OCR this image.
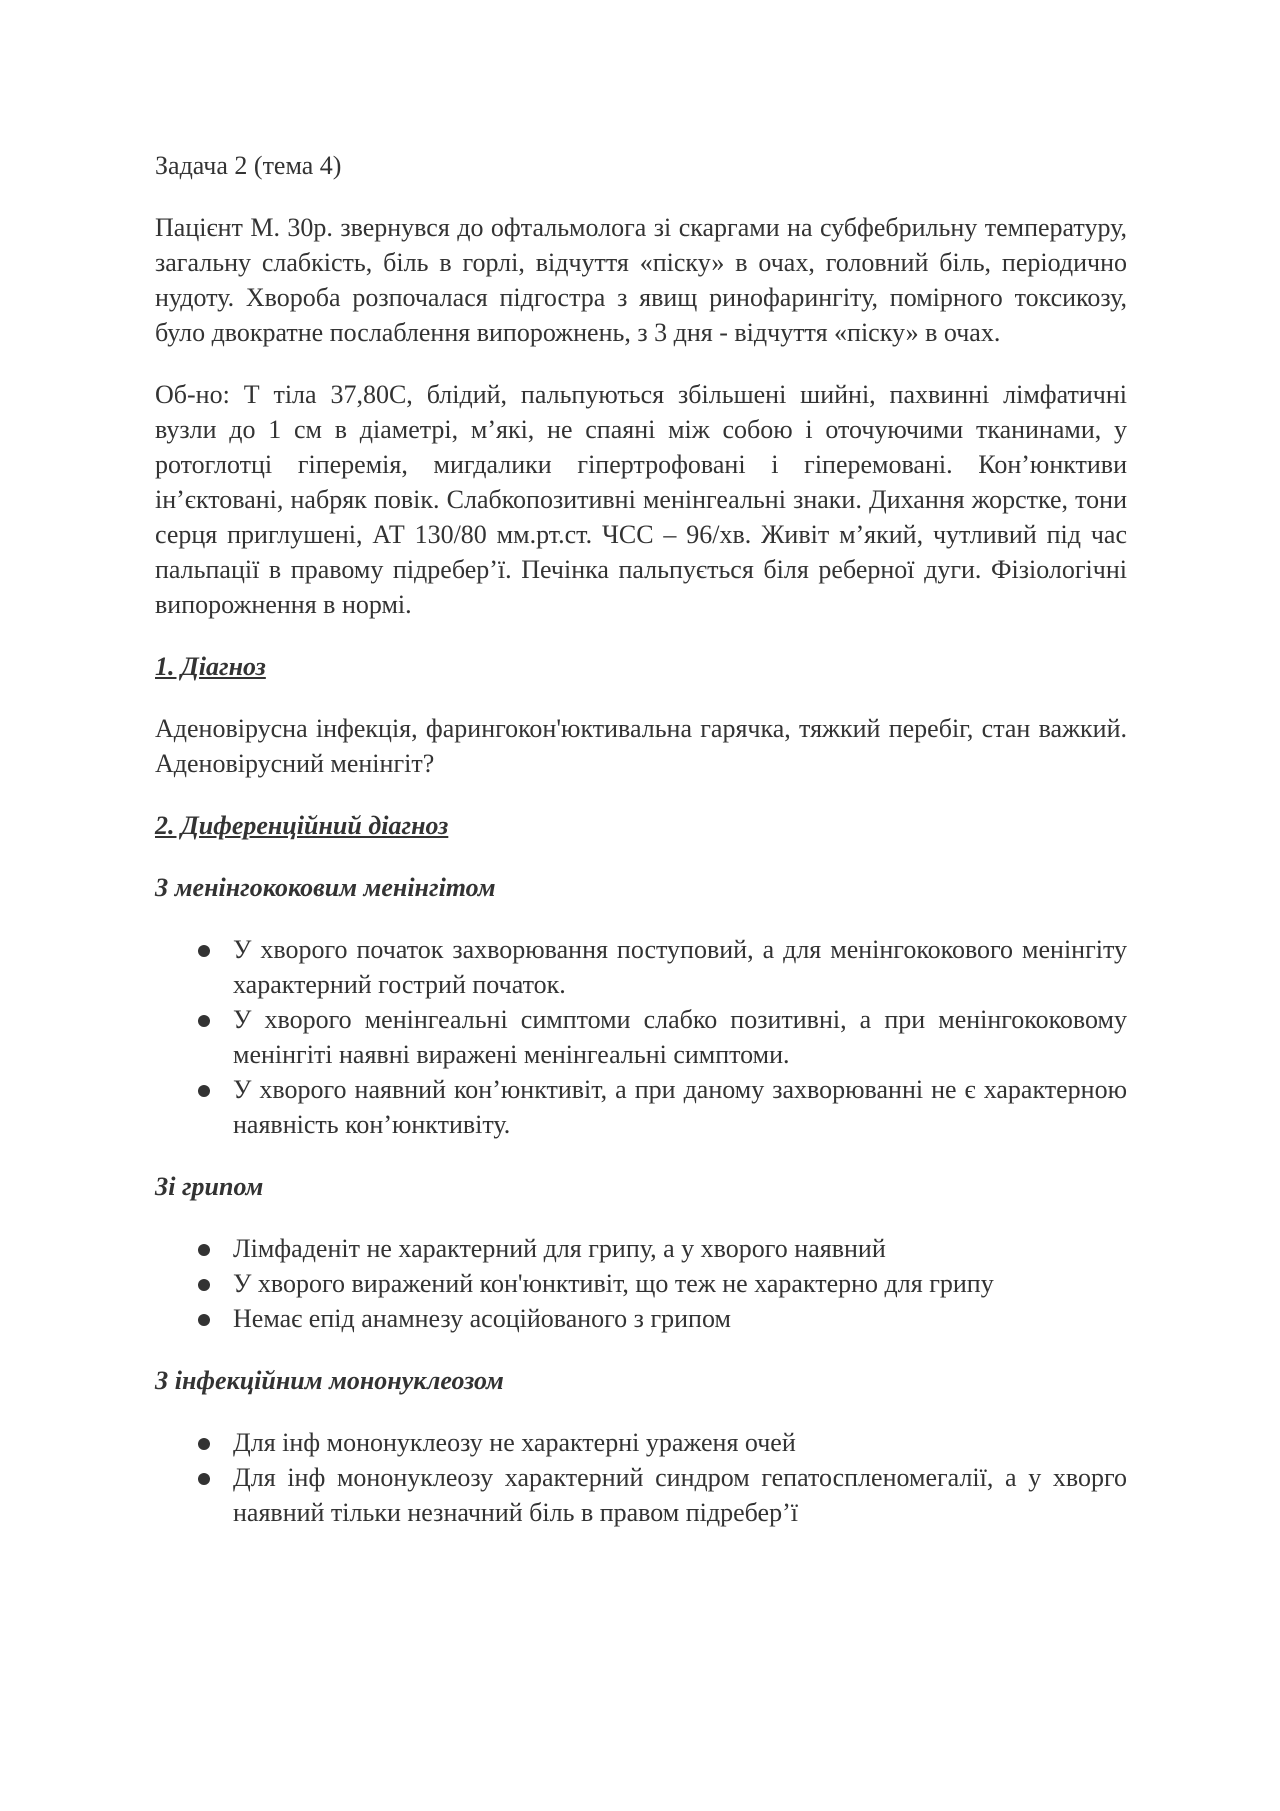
Задача 2 (тема 4)
Пацієнт М. 30р. звернувся до офтальмолога зі скаргами на субфебрильну температуру, загальну слабкість, біль в горлі, відчуття «піску» в очах, головний біль, періодично нудоту. Хвороба розпочалася підгостра з явищ ринофарингіту, помірного токсикозу, було двократне послаблення випорожнень, з 3 дня - відчуття «піску» в очах.
Об-но: Т тіла 37,80С, блідий, пальпуються збільшені шийні, пахвинні лімфатичні вузли до 1 см в діаметрі, м’які, не спаяні між собою і оточуючими тканинами, у ротоглотці гіперемія, мигдалики гіпертрофовані і гіперемовані. Кон’юнктиви ін’єктовані, набряк повік. Слабкопозитивні менінгеальні знаки. Дихання жорстке, тони серця приглушені, АТ 130/80 мм.рт.ст. ЧСС – 96/хв. Живіт м’який, чутливий під час пальпації в правому підребер’ї. Печінка пальпується біля реберної дуги. Фізіологічні випорожнення в нормі.
1. Діагноз
Аденовірусна інфекція, фарингокон'юктивальна гарячка, тяжкий перебіг, стан важкий. Аденовірусний менінгіт?
2. Диференційний діагноз
З менінгококовим менінгітом
У хворого початок захворювання поступовий, а для менінгококового менінгіту характерний гострий початок.
У хворого менінгеальні симптоми слабко позитивні, а при менінгококовому менінгіті наявні виражені менінгеальні симптоми.
У хворого наявний кон’юнктивіт, а при даному захворюванні не є характерною наявність кон’юнктивіту.
Зі грипом
Лімфаденіт не характерний для грипу, а у хворого наявний
У хворого виражений кон'юнктивіт, що теж не характерно для грипу
Немає епід анамнезу асоційованого з грипом
З інфекційним мононуклеозом
Для інф мононуклеозу не характерні ураженя очей
Для інф мононуклеозу характерний синдром гепатоспленомегалії, а у хворго наявний тільки незначний біль в правом підребер’ї
